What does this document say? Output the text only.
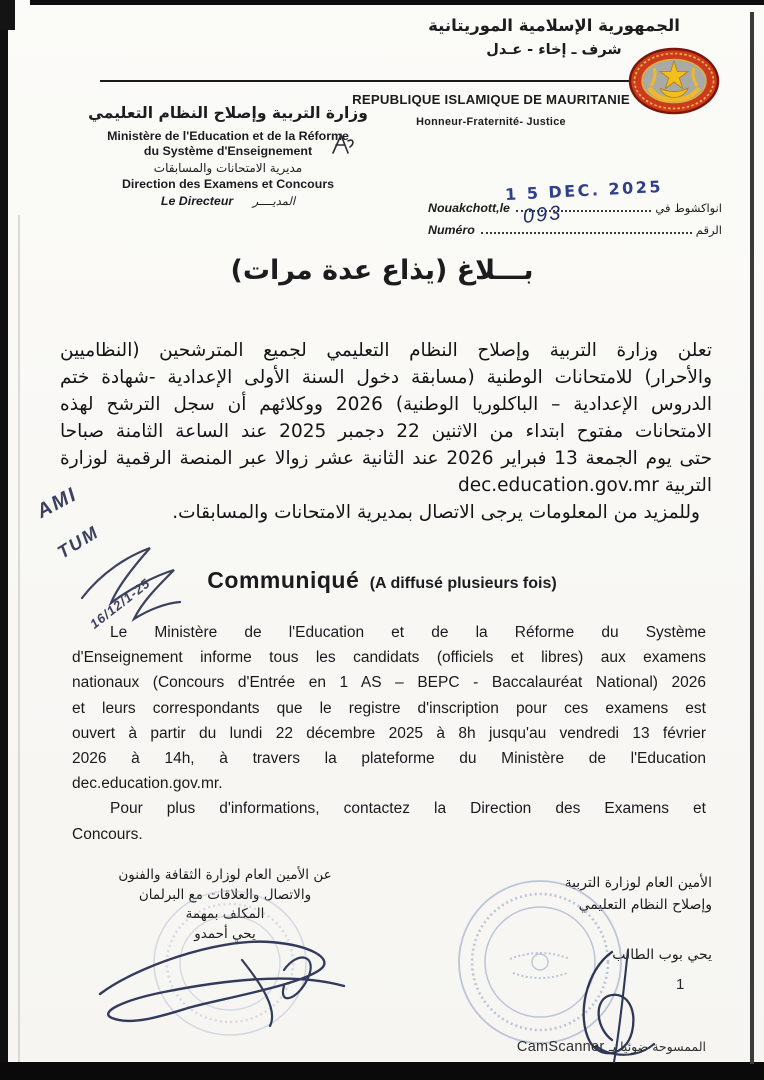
الجمهورية الإسلامية الموريتانية
شرف ـ إخاء - عـدل
REPUBLIQUE ISLAMIQUE DE MAURITANIE
Honneur-Fraternité- Justice
وزارة التربية وإصلاح النظام التعليمي
Ministère de l'Education et de la Réforme
du Système d'Enseignement
مديرية الامتحانات والمسابقات
Direction des Examens et Concours
Le Directeur المديــــر	Nouakchott,le	انواكشوط في
Numéro	الرقم
1 5 DEC. 2025
093
بـــلاغ (يذاع عدة مرات)
تعلن وزارة التربية وإصلاح النظام التعليمي لجميع المترشحين (النظاميين
والأحرار) للامتحانات الوطنية (مسابقة دخول السنة الأولى الإعدادية -شهادة ختم
الدروس الإعدادية – الباكلوريا الوطنية) 2026 ووكلائهم أن سجل الترشح لهذه
الامتحانات مفتوح ابتداء من الاثنين 22 دجمبر 2025 عند الساعة الثامنة صباحا
حتى يوم الجمعة 13 فبراير 2026 عند الثانية عشر زوالا عبر المنصة الرقمية لوزارة
التربية dec.education.gov.mr
وللمزيد من المعلومات يرجى الاتصال بمديرية الامتحانات والمسابقات.
AMI
TUM
16/12/1-25	Communiqué (A diffusé plusieurs fois)
Le Ministère de l'Education et de la Réforme du Système
d'Enseignement informe tous les candidats (officiels et libres) aux examens
nationaux (Concours d'Entrée en 1 AS – BEPC - Baccalauréat National) 2026
et leurs correspondants que le registre d'inscription pour ces examens est
ouvert à partir du lundi 22 décembre 2025 à 8h jusqu'au vendredi 13 février
2026 à 14h, à travers la plateforme du Ministère de l'Education
dec.education.gov.mr.
Pour plus d'informations, contactez la Direction des Examens et
Concours.
عن الأمين العام لوزارة الثقافة والفنون
والاتصال والعلاقات مع البرلمان
المكلف بمهمة
يحي أحمدو
الأمين العام لوزارة التربية
وإصلاح النظام التعليمي
يحي بوب الطالب
1
الممسوحة ضوئيا بـ CamScanner
